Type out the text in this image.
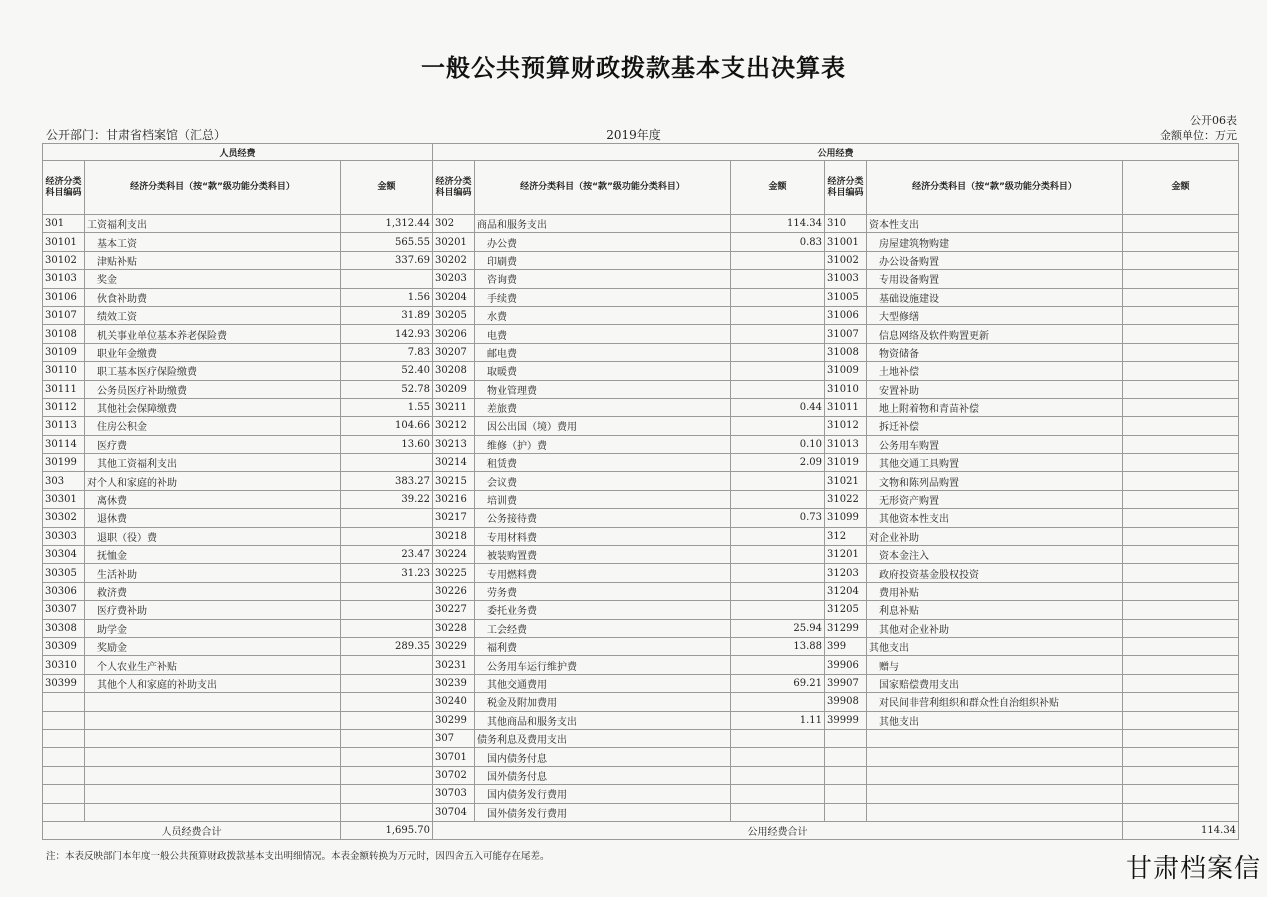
一般公共预算财政拨款基本支出决算表
公开06表
公开部门：甘肃省档案馆（汇总）	2019年度	金额单位：万元
人员经费			公用经费					
经济分类科目编码	经济分类科目（按“款”级功能分类科目）	金额	经济分类科目编码	经济分类科目（按“款”级功能分类科目）	金额	经济分类科目编码	经济分类科目（按“款”级功能分类科目）	金额
301	工资福利支出	1,312.44	302	商品和服务支出	114.34	310	资本性支出	
30101	基本工资	565.55	30201	办公费	0.83	31001	房屋建筑物购建	
30102	津贴补贴	337.69	30202	印刷费		31002	办公设备购置	
30103	奖金		30203	咨询费		31003	专用设备购置	
30106	伙食补助费	1.56	30204	手续费		31005	基础设施建设	
30107	绩效工资	31.89	30205	水费		31006	大型修缮	
30108	机关事业单位基本养老保险费	142.93	30206	电费		31007	信息网络及软件购置更新	
30109	职业年金缴费	7.83	30207	邮电费		31008	物资储备	
30110	职工基本医疗保险缴费	52.40	30208	取暖费		31009	土地补偿	
30111	公务员医疗补助缴费	52.78	30209	物业管理费		31010	安置补助	
30112	其他社会保障缴费	1.55	30211	差旅费	0.44	31011	地上附着物和青苗补偿	
30113	住房公积金	104.66	30212	因公出国（境）费用		31012	拆迁补偿	
30114	医疗费	13.60	30213	维修（护）费	0.10	31013	公务用车购置	
30199	其他工资福利支出		30214	租赁费	2.09	31019	其他交通工具购置	
303	对个人和家庭的补助	383.27	30215	会议费		31021	文物和陈列品购置	
30301	离休费	39.22	30216	培训费		31022	无形资产购置	
30302	退休费		30217	公务接待费	0.73	31099	其他资本性支出	
30303	退职（役）费		30218	专用材料费		312	对企业补助	
30304	抚恤金	23.47	30224	被装购置费		31201	资本金注入	
30305	生活补助	31.23	30225	专用燃料费		31203	政府投资基金股权投资	
30306	救济费		30226	劳务费		31204	费用补贴	
30307	医疗费补助		30227	委托业务费		31205	利息补贴	
30308	助学金		30228	工会经费	25.94	31299	其他对企业补助	
30309	奖励金	289.35	30229	福利费	13.88	399	其他支出	
30310	个人农业生产补贴		30231	公务用车运行维护费		39906	赠与	
30399	其他个人和家庭的补助支出		30239	其他交通费用	69.21	39907	国家赔偿费用支出	
			30240	税金及附加费用		39908	对民间非营利组织和群众性自治组织补贴	
			30299	其他商品和服务支出	1.11	39999	其他支出	
			307	债务利息及费用支出				
			30701	国内债务付息				
			30702	国外债务付息				
			30703	国内债务发行费用				
			30704	国外债务发行费用				
人员经费合计		1,695.70	公用经费合计					114.34
注：本表反映部门本年度一般公共预算财政拨款基本支出明细情况。本表金额转换为万元时，因四舍五入可能存在尾差。	甘肃档案信
